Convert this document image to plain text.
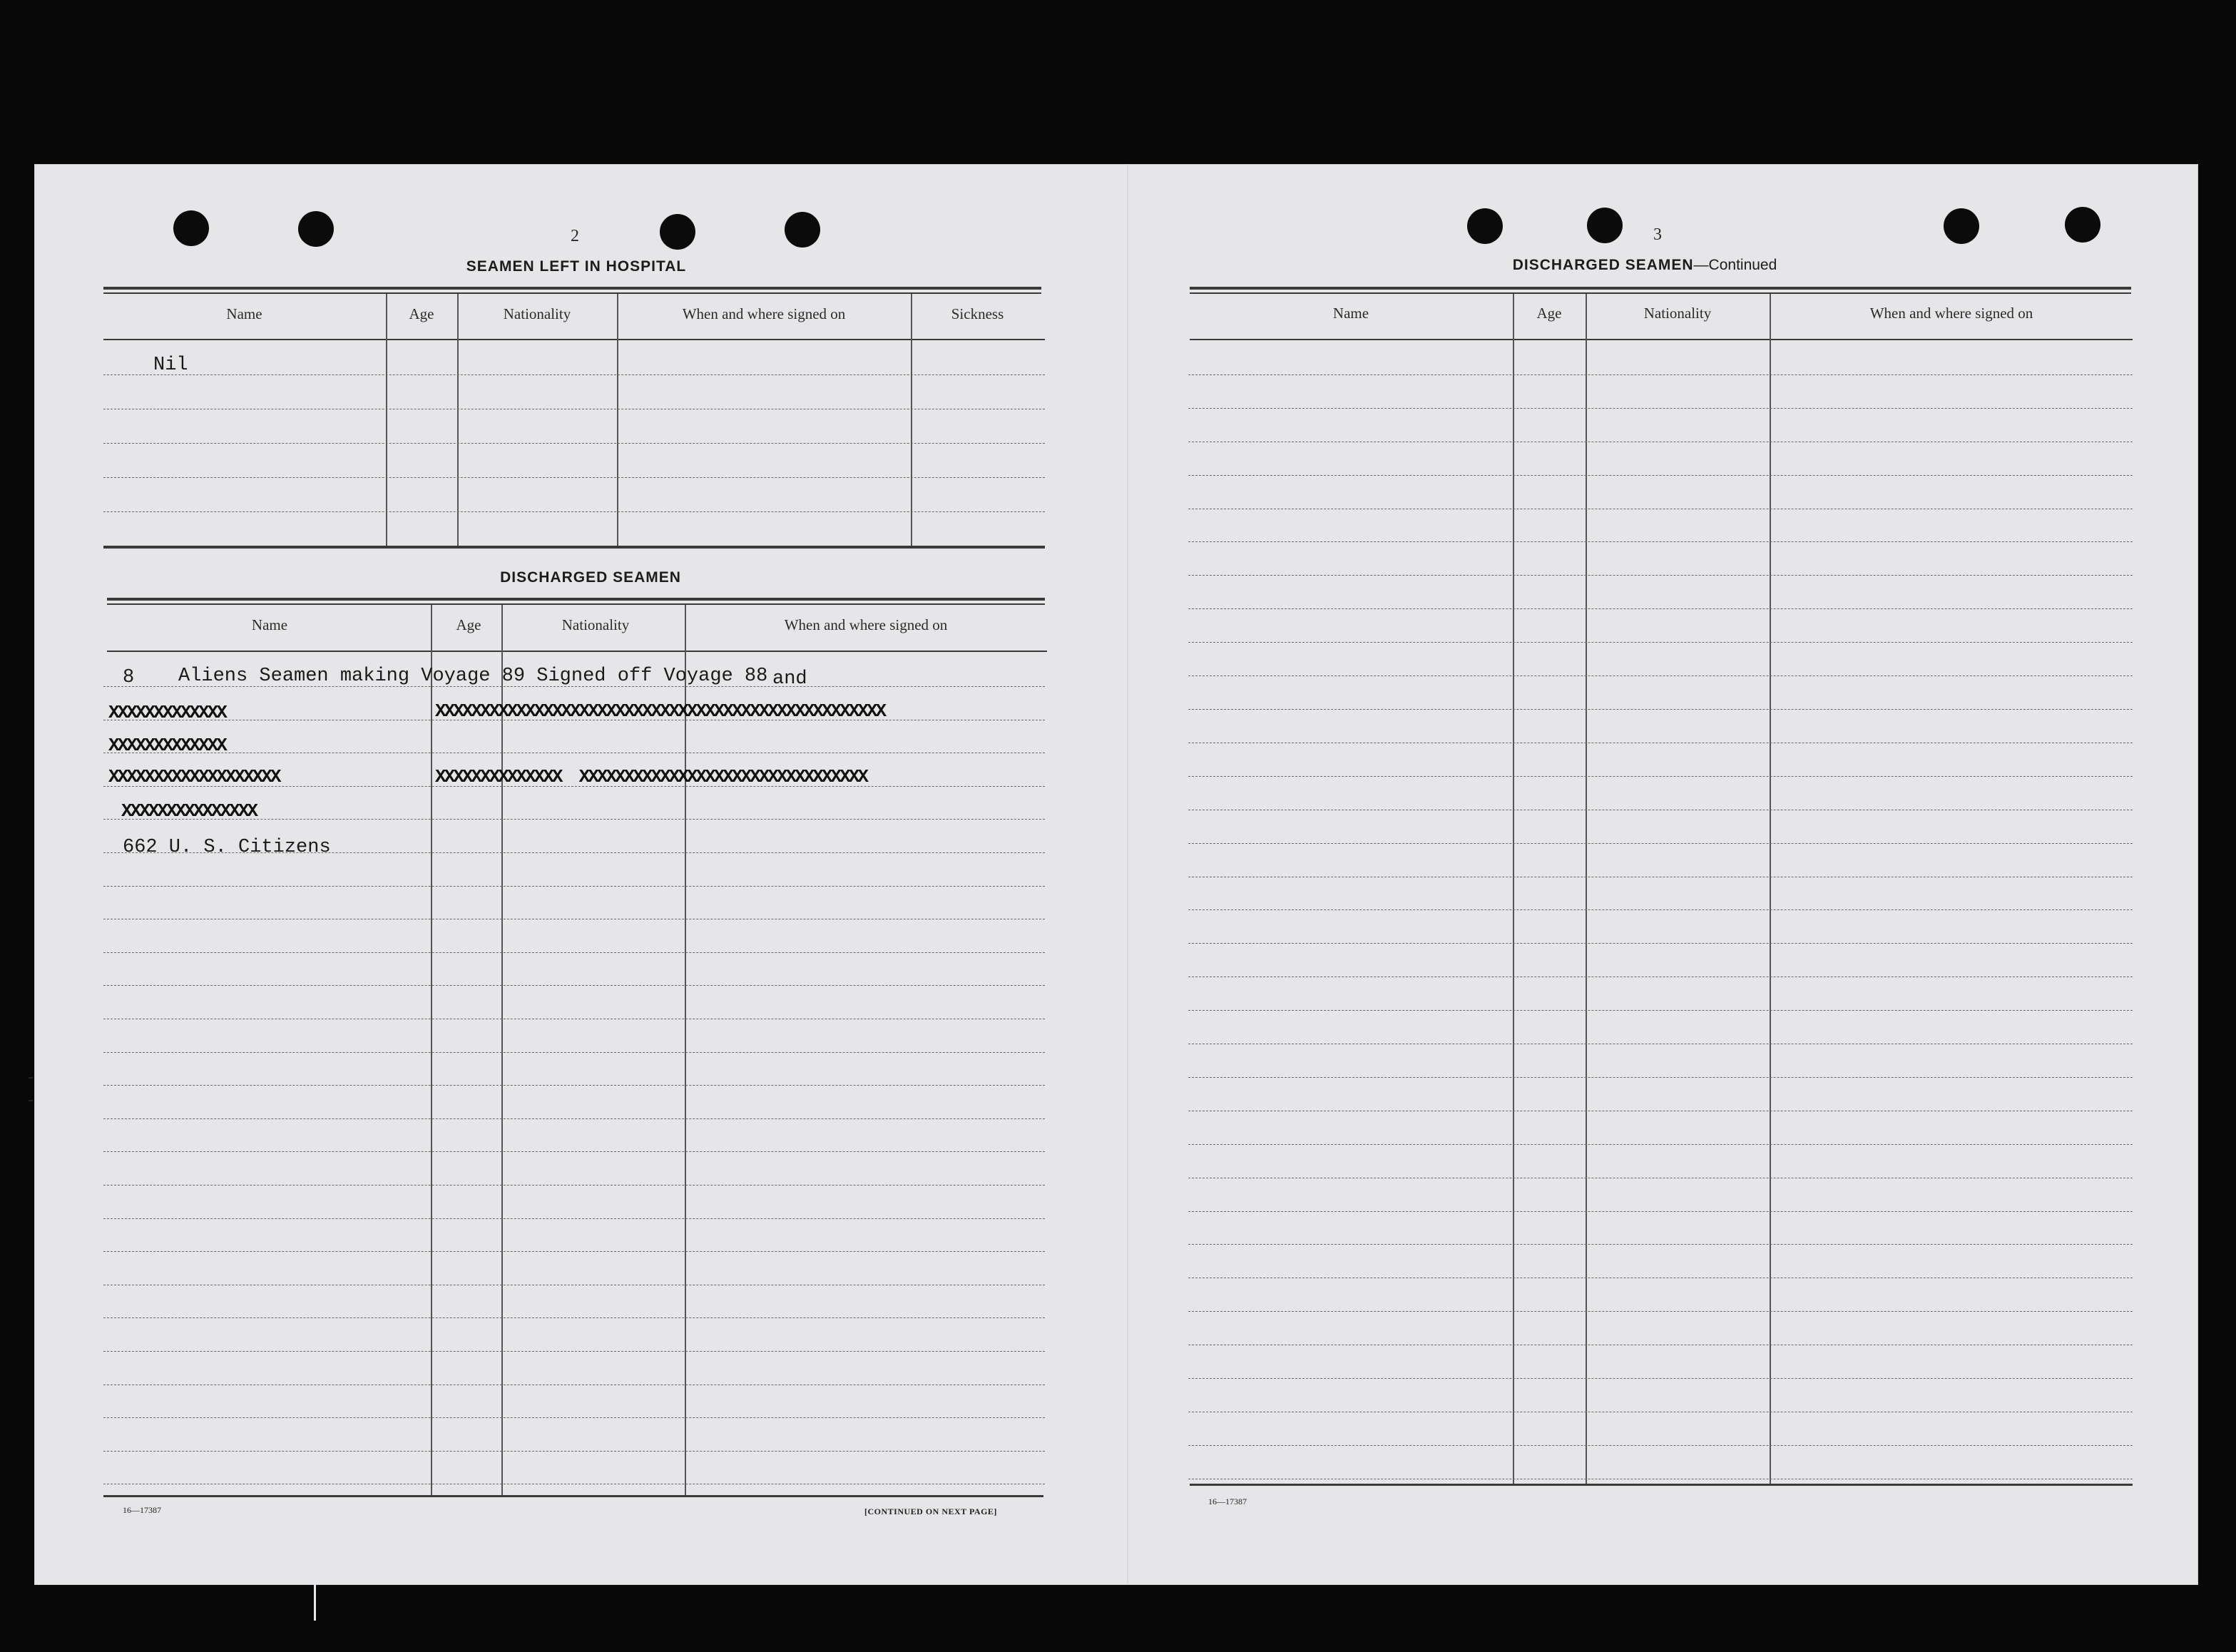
2
SEAMEN LEFT IN HOSPITAL
Name	Age	Nationality	When and where signed on	Sickness
Nil
DISCHARGED SEAMEN
Name	Age	Nationality	When and where signed on
8 Aliens Seamen making Voyage 89 Signed off Voyage 88 and
XXXXXXXXXXXXX	XXXXXXXXXXXXXXXXXXXXXXXXXXXXXXXXXXXXXXXXXXXXXXXXXX
XXXXXXXXXXXXX
XXXXXXXXXXXXXXXXXXX	XXXXXXXXXXXXXX  XXXXXXXXXXXXXXXXXXXXXXXXXXXXXXXX
XXXXXXXXXXXXXXX
662 U. S. Citizens
16—17387	[CONTINUED ON NEXT PAGE]
3
DISCHARGED SEAMEN—Continued
Name	Age	Nationality	When and where signed on
16—17387
